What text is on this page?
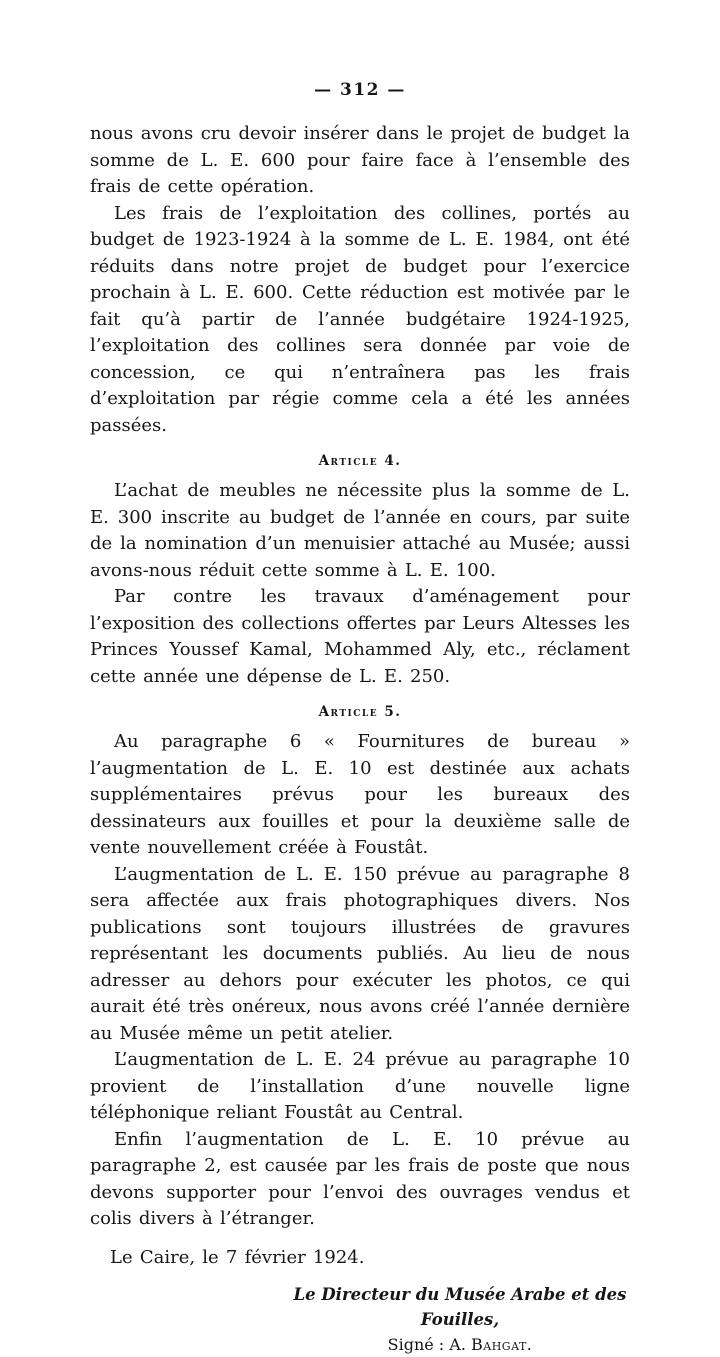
— 312 —

nous avons cru devoir insérer dans le projet de budget la somme de L. E. 600 pour faire face à l’ensemble des frais de cette opération.

Les frais de l’exploitation des collines, portés au budget de 1923-1924 à la somme de L. E. 1984, ont été réduits dans notre projet de budget pour l’exercice prochain à L. E. 600. Cette réduction est motivée par le fait qu’à partir de l’année budgétaire 1924-1925, l’exploitation des collines sera donnée par voie de concession, ce qui n’entraînera pas les frais d’exploitation par régie comme cela a été les années passées.

Article 4.

L’achat de meubles ne nécessite plus la somme de L. E. 300 inscrite au budget de l’année en cours, par suite de la nomination d’un menuisier attaché au Musée; aussi avons-nous réduit cette somme à L. E. 100.

Par contre les travaux d’aménagement pour l’exposition des collections offertes par Leurs Altesses les Princes Youssef Kamal, Mohammed Aly, etc., réclament cette année une dépense de L. E. 250.

Article 5.

Au paragraphe 6 « Fournitures de bureau » l’augmentation de L. E. 10 est destinée aux achats supplémentaires prévus pour les bureaux des dessinateurs aux fouilles et pour la deuxième salle de vente nouvellement créée à Foustât.

L’augmentation de L. E. 150 prévue au paragraphe 8 sera affectée aux frais photographiques divers. Nos publications sont toujours illustrées de gravures représentant les documents publiés. Au lieu de nous adresser au dehors pour exécuter les photos, ce qui aurait été très onéreux, nous avons créé l’année dernière au Musée même un petit atelier.

L’augmentation de L. E. 24 prévue au paragraphe 10 provient de l’installation d’une nouvelle ligne téléphonique reliant Foustât au Central.

Enfin l’augmentation de L. E. 10 prévue au paragraphe 2, est causée par les frais de poste que nous devons supporter pour l’envoi des ouvrages vendus et colis divers à l’étranger.

Le Caire, le 7 février 1924.

Le Directeur du Musée Arabe et des Fouilles,

Signé : A. Bahgat.
